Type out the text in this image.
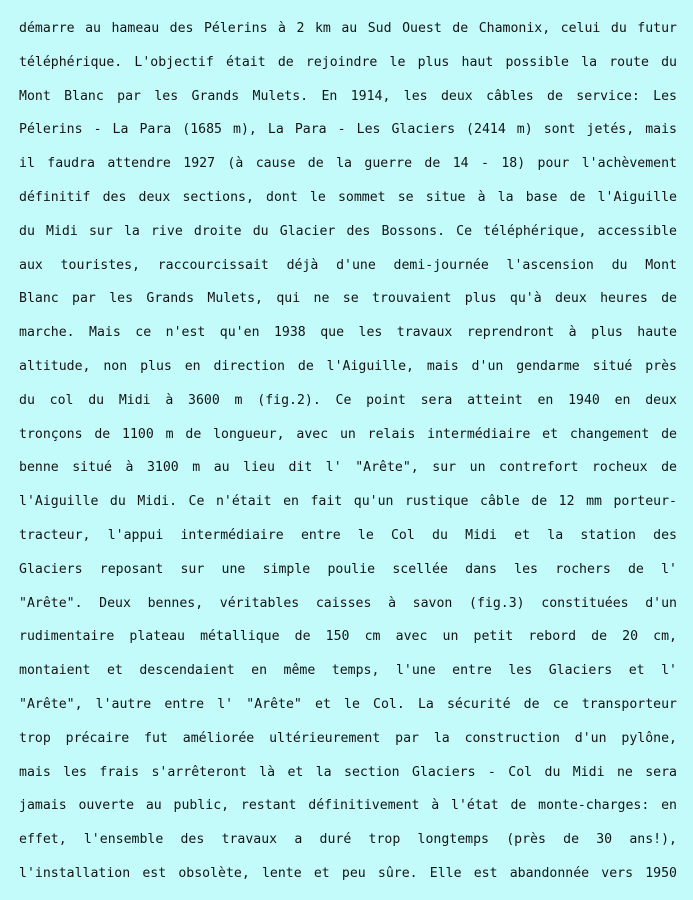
démarre au hameau des Pélerins à 2 km au Sud Ouest de Chamonix, celui du futur
téléphérique. L'objectif était de rejoindre le plus haut possible la route du
Mont Blanc par les Grands Mulets. En 1914, les deux câbles de service: Les
Pélerins - La Para (1685 m), La Para - Les Glaciers (2414 m) sont jetés, mais
il faudra attendre 1927 (à cause de la guerre de 14 - 18) pour l'achèvement
définitif des deux sections, dont le sommet se situe à la base de l'Aiguille
du Midi sur la rive droite du Glacier des Bossons. Ce téléphérique, accessible
aux touristes, raccourcissait déjà d'une demi-journée l'ascension du Mont
Blanc par les Grands Mulets, qui ne se trouvaient plus qu'à deux heures de
marche. Mais ce n'est qu'en 1938 que les travaux reprendront à plus haute
altitude, non plus en direction de l'Aiguille, mais d'un gendarme situé près
du col du Midi à 3600 m (fig.2). Ce point sera atteint en 1940 en deux
tronçons de 1100 m de longueur, avec un relais intermédiaire et changement de
benne situé à 3100 m au lieu dit l' "Arête", sur un contrefort rocheux de
l'Aiguille du Midi. Ce n'était en fait qu'un rustique câble de 12 mm porteur-
tracteur, l'appui intermédiaire entre le Col du Midi et la station des
Glaciers reposant sur une simple poulie scellée dans les rochers de l'
"Arête". Deux bennes, véritables caisses à savon (fig.3) constituées d'un
rudimentaire plateau métallique de 150 cm avec un petit rebord de 20 cm,
montaient et descendaient en même temps, l'une entre les Glaciers et l'
"Arête", l'autre entre l' "Arête" et le Col. La sécurité de ce transporteur
trop précaire fut améliorée ultérieurement par la construction d'un pylône,
mais les frais s'arrêteront là et la section Glaciers - Col du Midi ne sera
jamais ouverte au public, restant définitivement à l'état de monte-charges: en
effet, l'ensemble des travaux a duré trop longtemps (près de 30 ans!),
l'installation est obsolète, lente et peu sûre. Elle est abandonnée vers 1950
